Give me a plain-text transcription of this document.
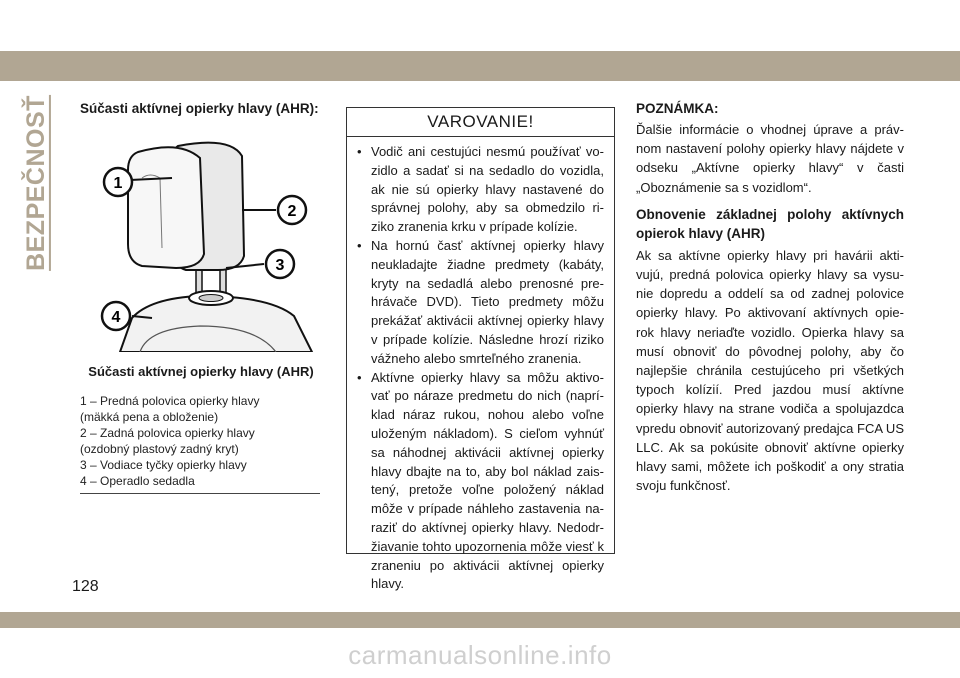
BEZPEČNOSŤ Súčasti aktívnej opierky hlavy (AHR):
1
2
3
4
Súčasti aktívnej opierky hlavy (AHR)
1 – Predná polovica opierky hlavy
(mäkká pena a obloženie)
2 – Zadná polovica opierky hlavy
(ozdobný plastový zadný kryt)
3 – Vodiace tyčky opierky hlavy
4 – Operadlo sedadla
VAROVANIE!
• Vodič ani cestujúci nesmú používať vo-zidlo a sadať si na sedadlo do vozidla, ak nie sú opierky hlavy nastavené do správnej polohy, aby sa obmedzilo ri-ziko zranenia krku v prípade kolízie.
• Na hornú časť aktívnej opierky hlavy neukladajte žiadne predmety (kabáty, kryty na sedadlá alebo prenosné pre-hrávače DVD). Tieto predmety môžu prekážať aktivácii aktívnej opierky hlavy v prípade kolízie. Následne hrozí riziko vážneho alebo smrteľného zranenia.
• Aktívne opierky hlavy sa môžu aktivo-vať po náraze predmetu do nich (naprí-klad náraz rukou, nohou alebo voľne uloženým nákladom). S cieľom vyhnúť sa náhodnej aktivácii aktívnej opierky hlavy dbajte na to, aby bol náklad zais-tený, pretože voľne položený náklad môže v prípade náhleho zastavenia na-raziť do aktívnej opierky hlavy. Nedodr-žiavanie tohto upozornenia môže viesť k zraneniu po aktivácii aktívnej opierky hlavy.
POZNÁMKA:

Ďalšie informácie o vhodnej úprave a práv-nom nastavení polohy opierky hlavy nájdete v odseku „Aktívne opierky hlavy“ v časti „Oboznámenie sa s vozidlom“.

Obnovenie základnej polohy aktívnych opierok hlavy (AHR)

Ak sa aktívne opierky hlavy pri havárii akti-vujú, predná polovica opierky hlavy sa vysu-nie dopredu a oddelí sa od zadnej polovice opierky hlavy. Po aktivovaní aktívnych opie-rok hlavy neriaďte vozidlo. Opierka hlavy sa musí obnoviť do pôvodnej polohy, aby čo najlepšie chránila cestujúceho pri všetkých typoch kolízií. Pred jazdou musí aktívne opierky hlavy na strane vodiča a spolujazdca vpredu obnoviť autorizovaný predajca FCA US LLC. Ak sa pokúsite obnoviť aktívne opierky hlavy sami, môžete ich poškodiť a ony stratia svoju funkčnosť.

128
carmanualsonline.info
